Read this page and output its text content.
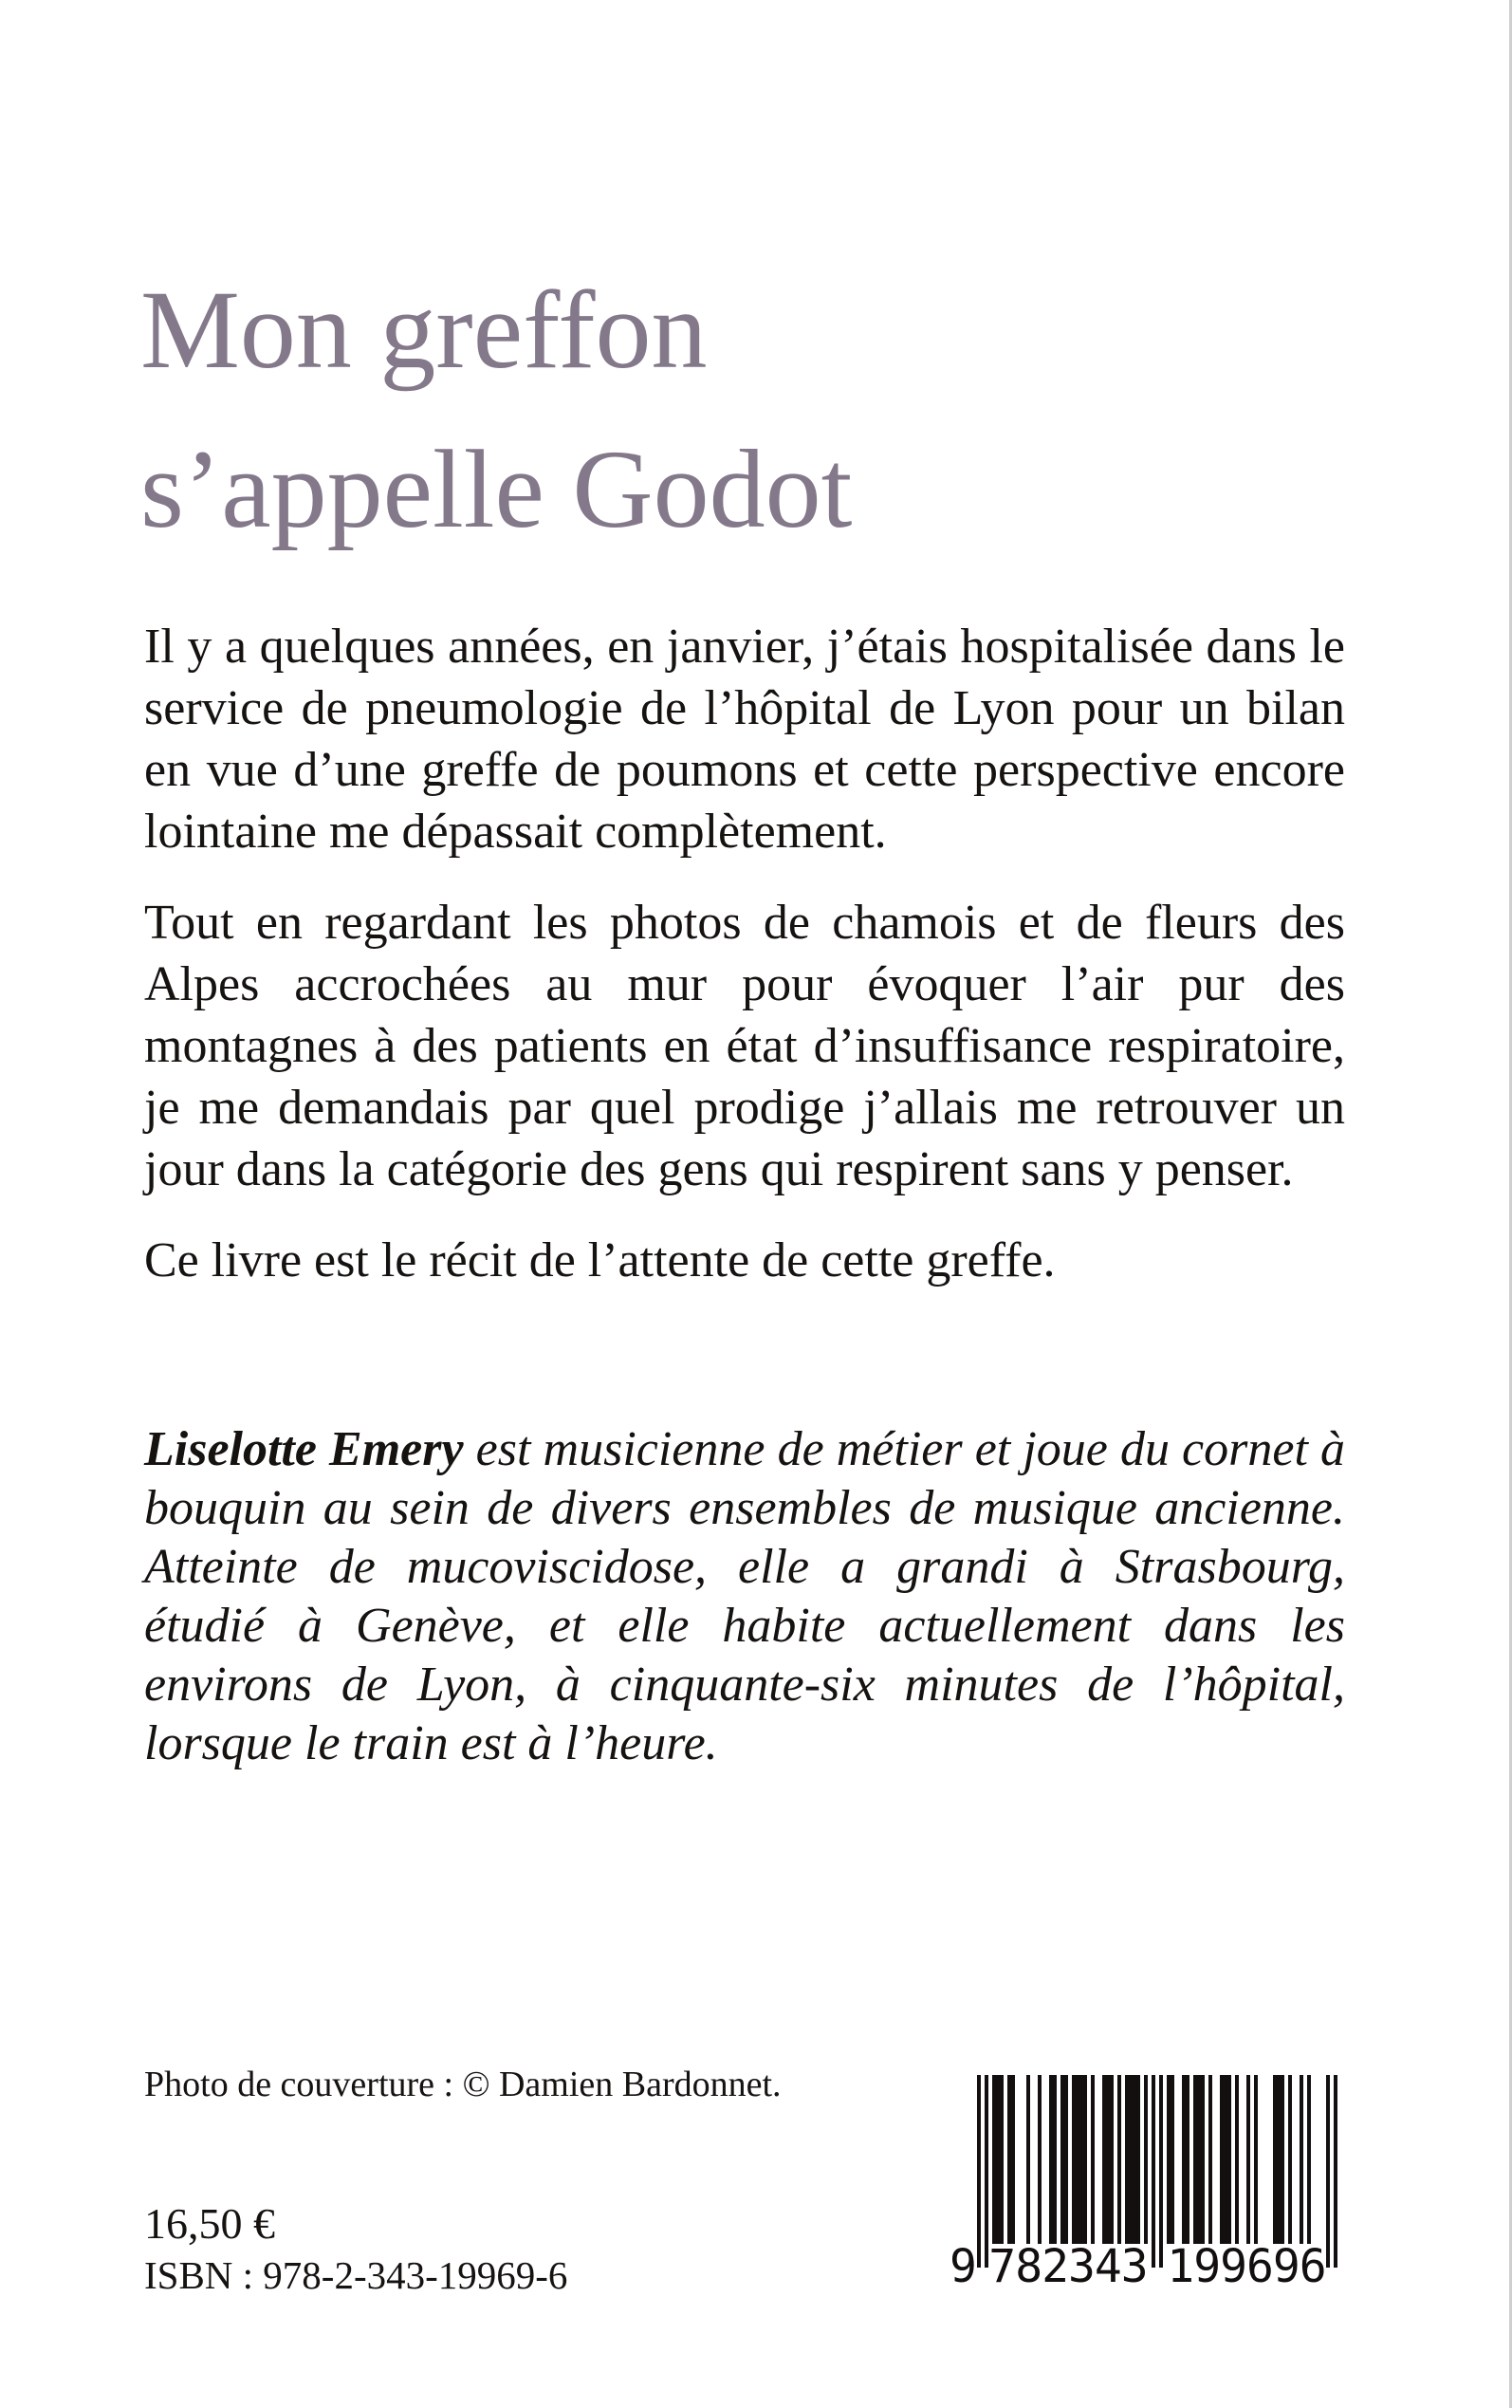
Mon greffon
s’appelle Godot

Il y a quelques années, en janvier, j’étais hospitalisée dans le service de pneumologie de l’hôpital de Lyon pour un bilan en vue d’une greffe de poumons et cette perspective encore lointaine me dépassait complètement.

Tout en regardant les photos de chamois et de fleurs des Alpes accrochées au mur pour évoquer l’air pur des montagnes à des patients en état d’insuffisance respiratoire, je me demandais par quel prodige j’allais me retrouver un jour dans la catégorie des gens qui respirent sans y penser.

Ce livre est le récit de l’attente de cette greffe.

Liselotte Emery est musicienne de métier et joue du cornet à bouquin au sein de divers ensembles de musique ancienne. Atteinte de mucoviscidose, elle a grandi à Strasbourg, étudié à Genève, et elle habite actuellement dans les environs de Lyon, à cinquante-six minutes de l’hôpital, lorsque le train est à l’heure.

Photo de couverture : © Damien Bardonnet.
16,50 €
ISBN : 978-2-343-19969-6	9 782343 199696
